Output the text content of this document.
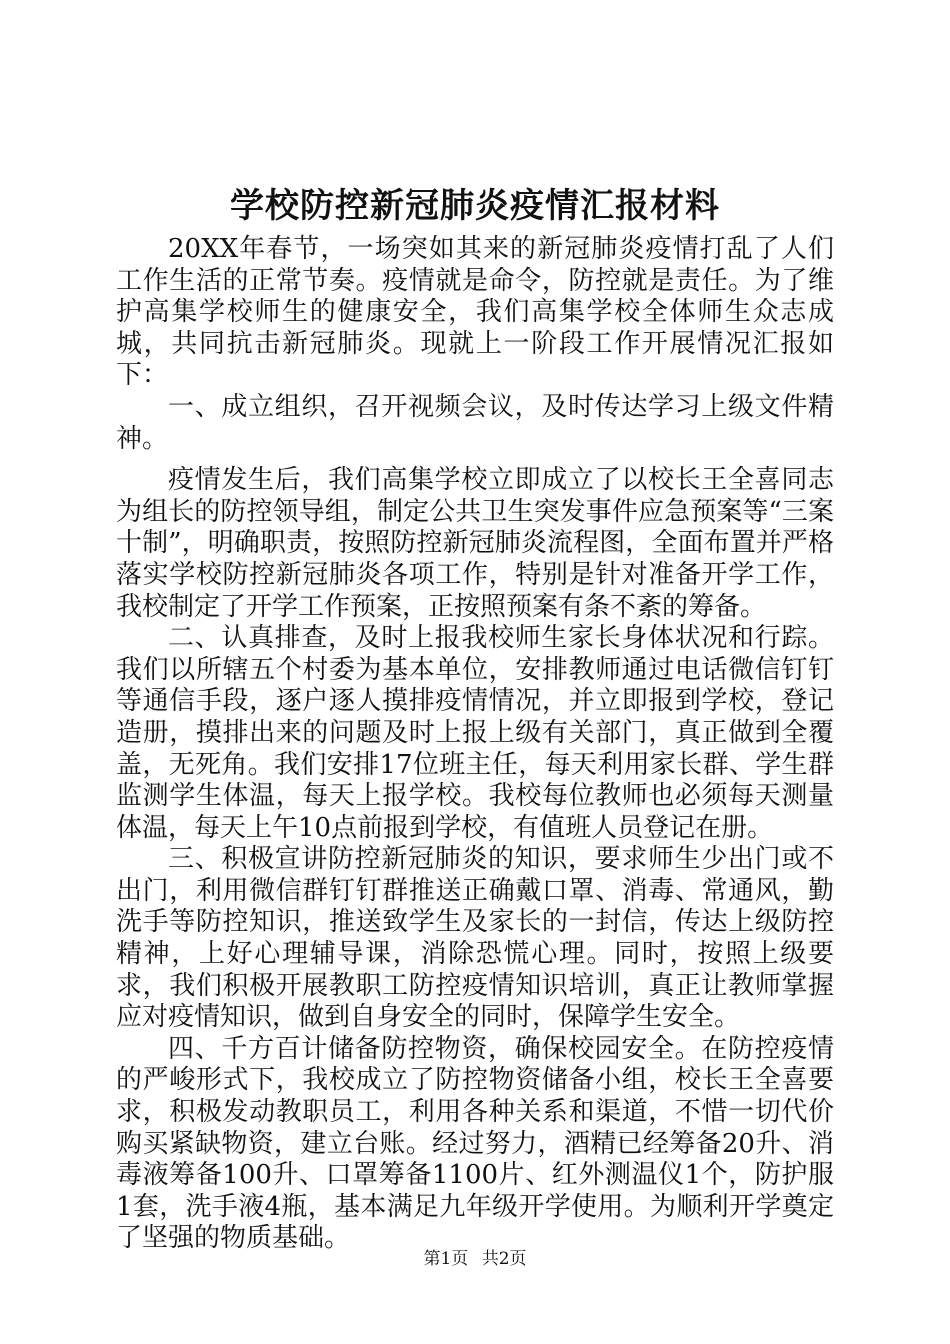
学校防控新冠肺炎疫情汇报材料

20XX年春节，一场突如其来的新冠肺炎疫情打乱了人们工作生活的正常节奏。疫情就是命令，防控就是责任。为了维护高集学校师生的健康安全，我们高集学校全体师生众志成城，共同抗击新冠肺炎。现就上一阶段工作开展情况汇报如下：

一、成立组织，召开视频会议，及时传达学习上级文件精神。

疫情发生后，我们高集学校立即成立了以校长王全喜同志为组长的防控领导组，制定公共卫生突发事件应急预案等“三案十制”，明确职责，按照防控新冠肺炎流程图，全面布置并严格落实学校防控新冠肺炎各项工作，特别是针对准备开学工作，我校制定了开学工作预案，正按照预案有条不紊的筹备。

二、认真排查，及时上报我校师生家长身体状况和行踪。我们以所辖五个村委为基本单位，安排教师通过电话微信钉钉等通信手段，逐户逐人摸排疫情情况，并立即报到学校，登记造册，摸排出来的问题及时上报上级有关部门，真正做到全覆盖，无死角。我们安排17位班主任，每天利用家长群、学生群监测学生体温，每天上报学校。我校每位教师也必须每天测量体温，每天上午10点前报到学校，有值班人员登记在册。

三、积极宣讲防控新冠肺炎的知识，要求师生少出门或不出门，利用微信群钉钉群推送正确戴口罩、消毒、常通风，勤洗手等防控知识，推送致学生及家长的一封信，传达上级防控精神，上好心理辅导课，消除恐慌心理。同时，按照上级要求，我们积极开展教职工防控疫情知识培训，真正让教师掌握应对疫情知识，做到自身安全的同时，保障学生安全。

四、千方百计储备防控物资，确保校园安全。在防控疫情的严峻形式下，我校成立了防控物资储备小组，校长王全喜要求，积极发动教职员工，利用各种关系和渠道，不惜一切代价购买紧缺物资，建立台账。经过努力，酒精已经筹备20升、消毒液筹备100升、口罩筹备1100片、红外测温仪1个，防护服1套，洗手液4瓶，基本满足九年级开学使用。为顺利开学奠定了坚强的物质基础。

第1页 共2页
